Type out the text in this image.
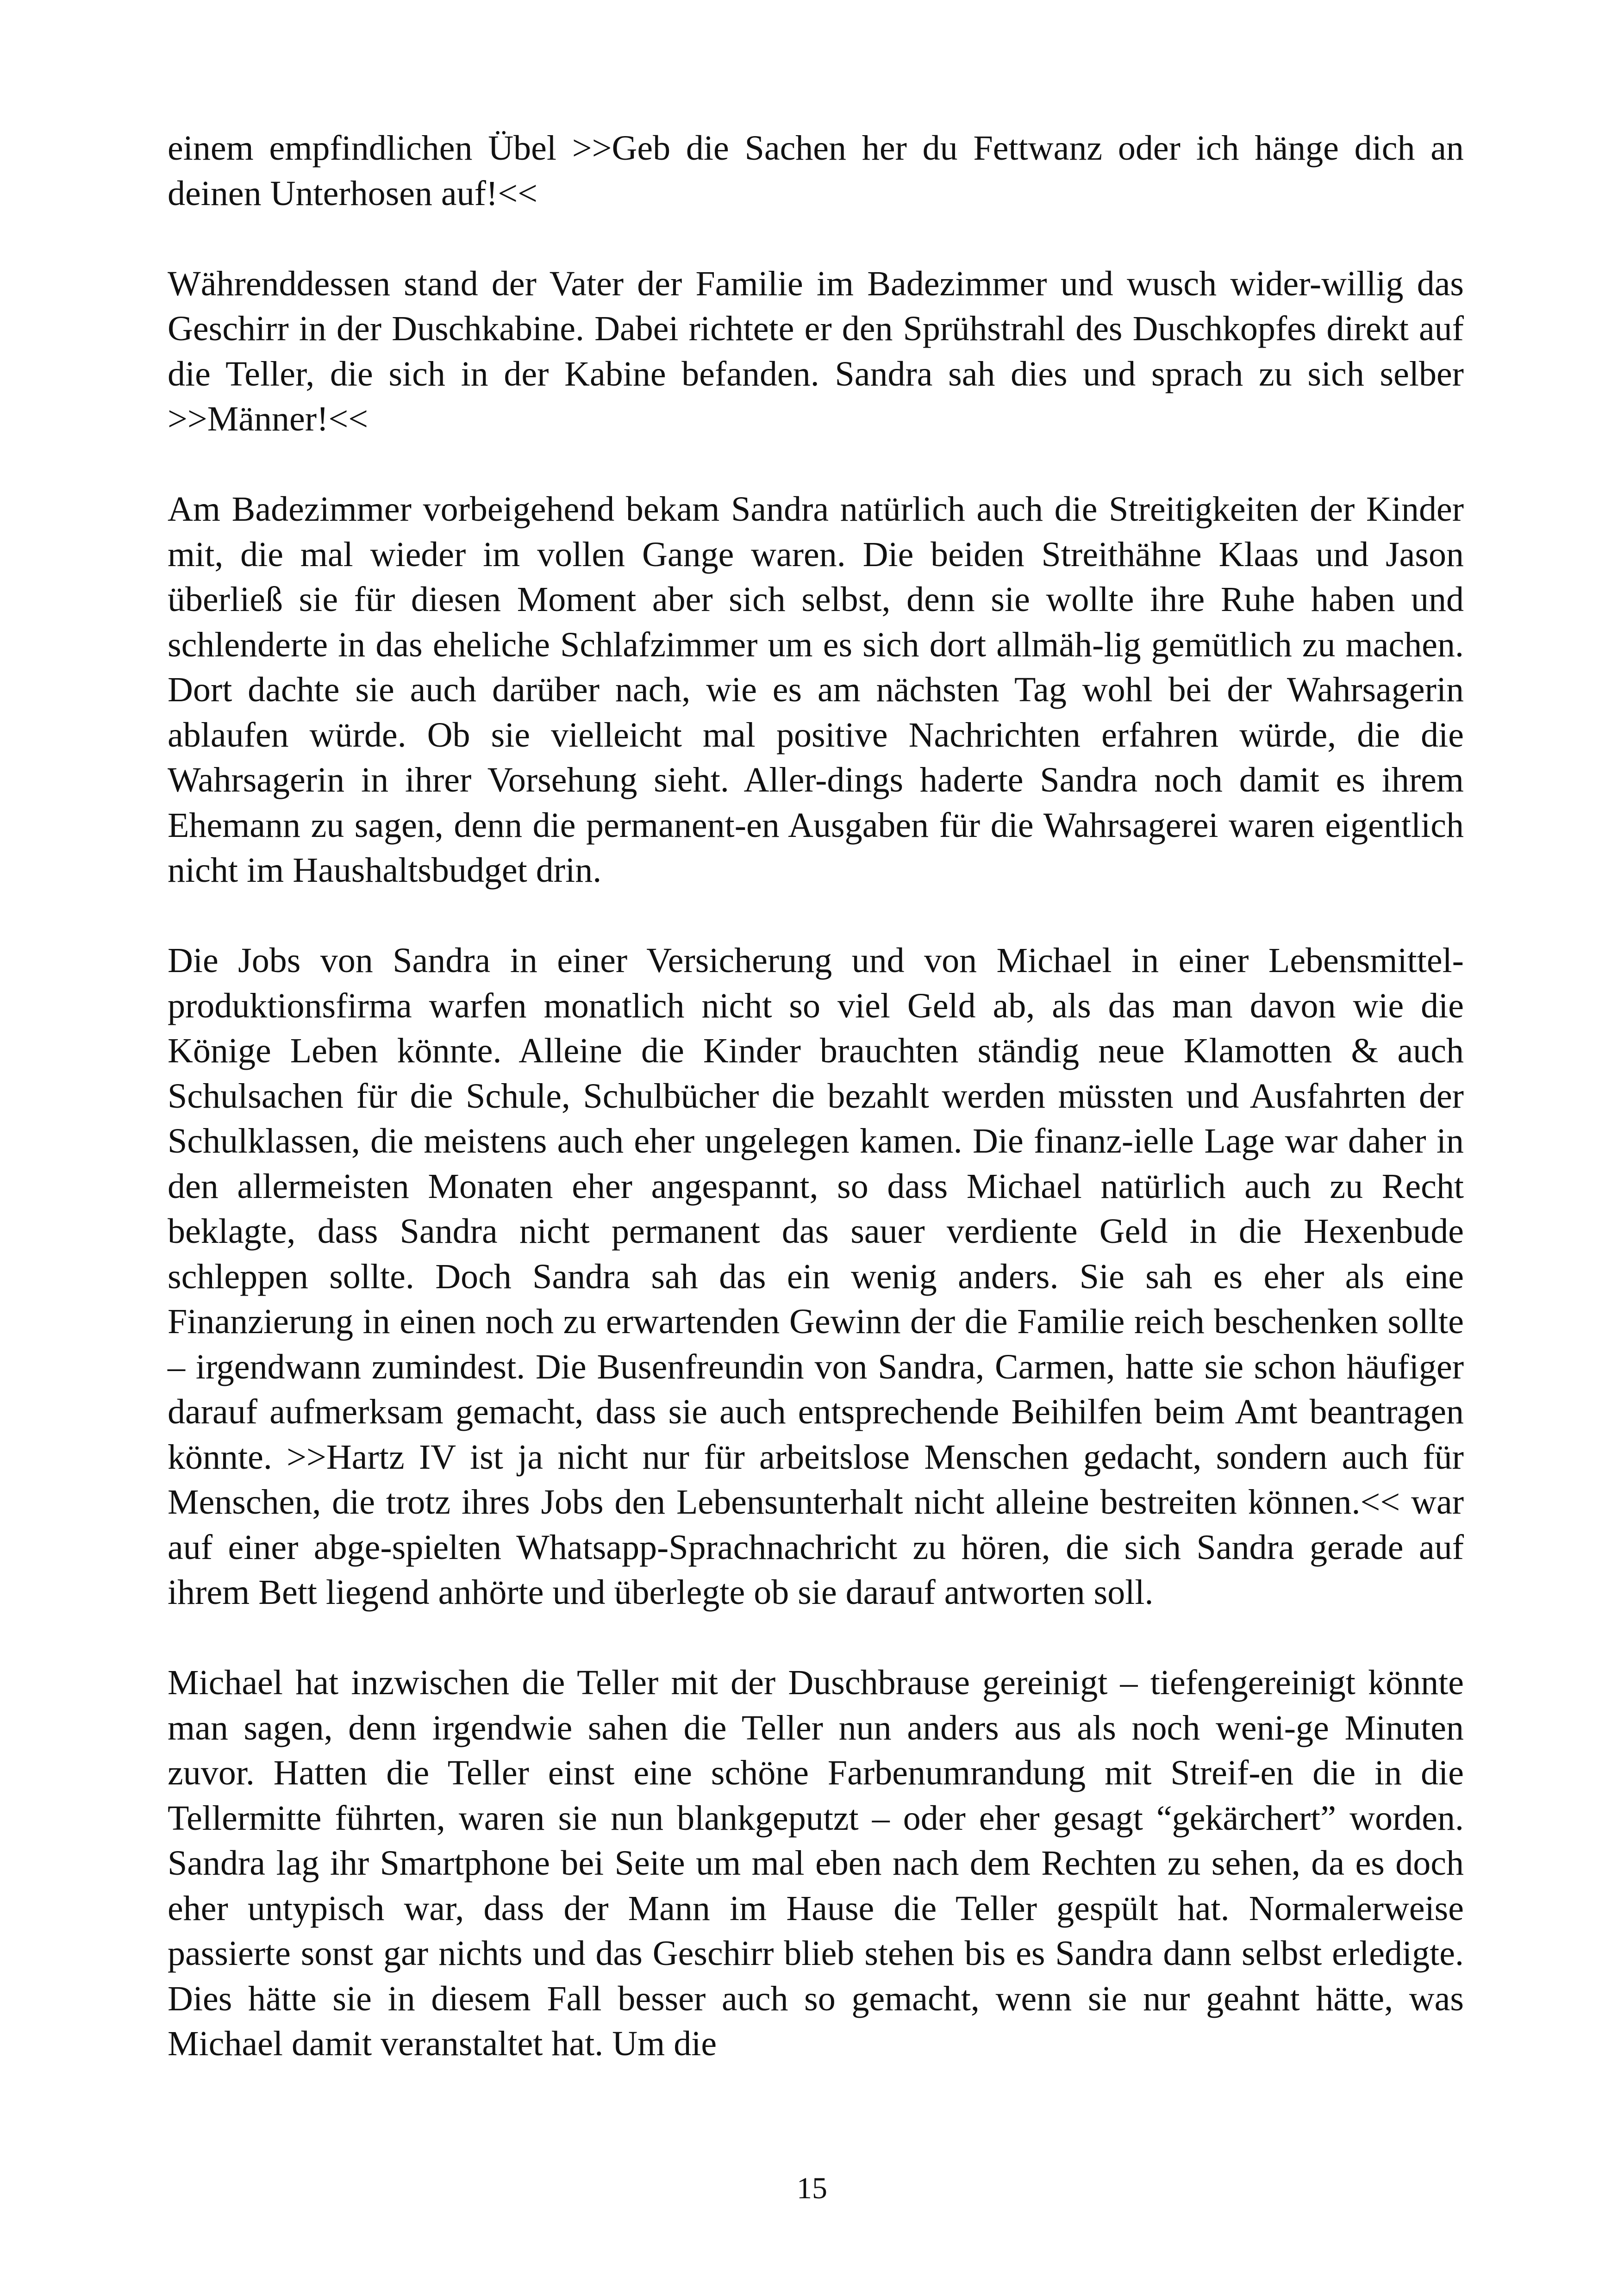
einem empfindlichen Übel >>Geb die Sachen her du Fettwanz oder ich hänge dich an deinen Unterhosen auf!<<

Währenddessen stand der Vater der Familie im Badezimmer und wusch wider-willig das Geschirr in der Duschkabine. Dabei richtete er den Sprühstrahl des Duschkopfes direkt auf die Teller, die sich in der Kabine befanden. Sandra sah dies und sprach zu sich selber >>Männer!<<

Am Badezimmer vorbeigehend bekam Sandra natürlich auch die Streitigkeiten der Kinder mit, die mal wieder im vollen Gange waren. Die beiden Streithähne Klaas und Jason überließ sie für diesen Moment aber sich selbst, denn sie wollte ihre Ruhe haben und schlenderte in das eheliche Schlafzimmer um es sich dort allmäh-lig gemütlich zu machen. Dort dachte sie auch darüber nach, wie es am nächsten Tag wohl bei der Wahrsagerin ablaufen würde. Ob sie vielleicht mal positive Nachrichten erfahren würde, die die Wahrsagerin in ihrer Vorsehung sieht. Aller-dings haderte Sandra noch damit es ihrem Ehemann zu sagen, denn die permanent-en Ausgaben für die Wahrsagerei waren eigentlich nicht im Haushaltsbudget drin.

Die Jobs von Sandra in einer Versicherung und von Michael in einer Lebensmittel-produktionsfirma warfen monatlich nicht so viel Geld ab, als das man davon wie die Könige Leben könnte. Alleine die Kinder brauchten ständig neue Klamotten & auch Schulsachen für die Schule, Schulbücher die bezahlt werden müssten und Ausfahrten der Schulklassen, die meistens auch eher ungelegen kamen. Die finanz-ielle Lage war daher in den allermeisten Monaten eher angespannt, so dass Michael natürlich auch zu Recht beklagte, dass Sandra nicht permanent das sauer verdiente Geld in die Hexenbude schleppen sollte. Doch Sandra sah das ein wenig anders. Sie sah es eher als eine Finanzierung in einen noch zu erwartenden Gewinn der die Familie reich beschenken sollte – irgendwann zumindest. Die Busenfreundin von Sandra, Carmen, hatte sie schon häufiger darauf aufmerksam gemacht, dass sie auch entsprechende Beihilfen beim Amt beantragen könnte. >>Hartz IV ist ja nicht nur für arbeitslose Menschen gedacht, sondern auch für Menschen, die trotz ihres Jobs den Lebensunterhalt nicht alleine bestreiten können.<< war auf einer abge-spielten Whatsapp-Sprachnachricht zu hören, die sich Sandra gerade auf ihrem Bett liegend anhörte und überlegte ob sie darauf antworten soll.

Michael hat inzwischen die Teller mit der Duschbrause gereinigt – tiefengereinigt könnte man sagen, denn irgendwie sahen die Teller nun anders aus als noch weni-ge Minuten zuvor. Hatten die Teller einst eine schöne Farbenumrandung mit Streif-en die in die Tellermitte führten, waren sie nun blankgeputzt – oder eher gesagt “gekärchert” worden. Sandra lag ihr Smartphone bei Seite um mal eben nach dem Rechten zu sehen, da es doch eher untypisch war, dass der Mann im Hause die Teller gespült hat. Normalerweise passierte sonst gar nichts und das Geschirr blieb stehen bis es Sandra dann selbst erledigte. Dies hätte sie in diesem Fall besser auch so gemacht, wenn sie nur geahnt hätte, was Michael damit veranstaltet hat. Um die

15
